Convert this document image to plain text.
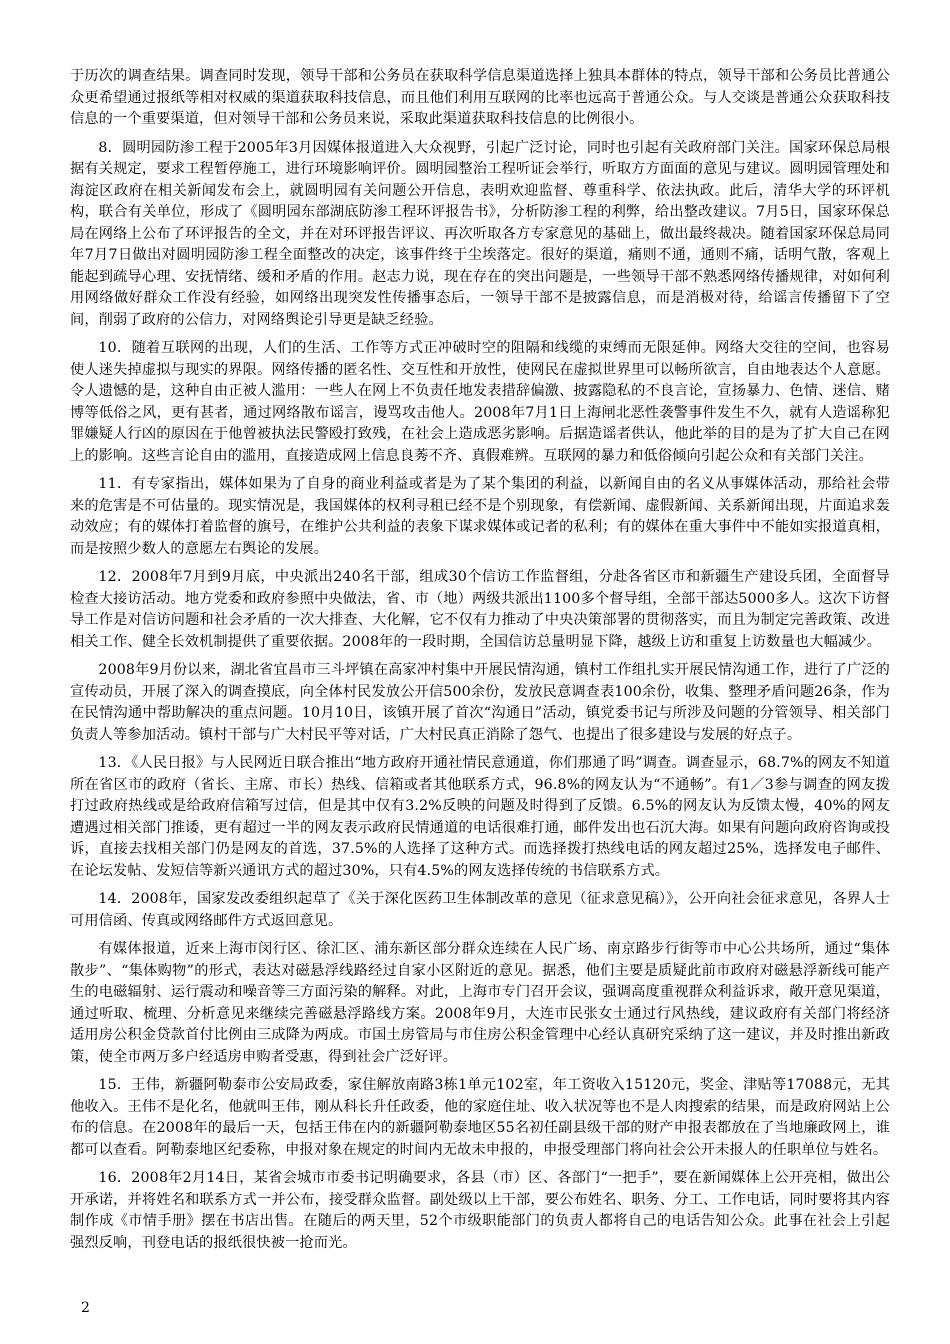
于历次的调查结果。调查同时发现，领导干部和公务员在获取科学信息渠道选择上独具本群体的特点，领导干部和公务员比普通公众更希望通过报纸等相对权威的渠道获取科技信息，而且他们利用互联网的比率也远高于普通公众。与人交谈是普通公众获取科技信息的一个重要渠道，但对领导干部和公务员来说，采取此渠道获取科技信息的比例很小。

8．圆明园防渗工程于2005年3月因媒体报道进入大众视野，引起广泛讨论，同时也引起有关政府部门关注。国家环保总局根据有关规定，要求工程暂停施工，进行环境影响评价。圆明园整治工程听证会举行，听取方方面面的意见与建议。圆明园管理处和海淀区政府在相关新闻发布会上，就圆明园有关问题公开信息，表明欢迎监督、尊重科学、依法执政。此后，清华大学的环评机构，联合有关单位，形成了《圆明园东部湖底防渗工程环评报告书》，分析防渗工程的利弊，给出整改建议。7月5日，国家环保总局在网络上公布了环评报告的全文，并在对环评报告评议、再次听取各方专家意见的基础上，做出最终裁决。随着国家环保总局同年7月7日做出对圆明园防渗工程全面整改的决定，该事件终于尘埃落定。很好的渠道，痛则不通，通则不痛，话明气散，客观上能起到疏导心理、安抚情绪、缓和矛盾的作用。赵志力说，现在存在的突出问题是，一些领导干部不熟悉网络传播规律，对如何利用网络做好群众工作没有经验，如网络出现突发性传播事态后，一领导干部不是披露信息，而是消极对待，给谣言传播留下了空间，削弱了政府的公信力，对网络舆论引导更是缺乏经验。

10．随着互联网的出现，人们的生活、工作等方式正冲破时空的阻隔和线缆的束缚而无限延伸。网络大交往的空间，也容易使人迷失掉虚拟与现实的界限。网络传播的匿名性、交互性和开放性，使网民在虚拟世界里可以畅所欲言，自由地表达个人意愿。令人遗憾的是，这种自由正被人滥用：一些人在网上不负责任地发表措辞偏激、披露隐私的不良言论，宣扬暴力、色情、迷信、赌博等低俗之风，更有甚者，通过网络散布谣言，谩骂攻击他人。2008年7月1日上海闸北恶性袭警事件发生不久，就有人造谣称犯罪嫌疑人行凶的原因在于他曾被执法民警殴打致残，在社会上造成恶劣影响。后据造谣者供认，他此举的目的是为了扩大自己在网上的影响。这些言论自由的滥用，直接造成网上信息良莠不齐、真假难辨。互联网的暴力和低俗倾向引起公众和有关部门关注。

11．有专家指出，媒体如果为了自身的商业利益或者是为了某个集团的利益，以新闻自由的名义从事媒体活动，那给社会带来的危害是不可估量的。现实情况是，我国媒体的权利寻租已经不是个别现象，有偿新闻、虚假新闻、关系新闻出现，片面追求轰动效应；有的媒体打着监督的旗号，在维护公共利益的表象下谋求媒体或记者的私利；有的媒体在重大事件中不能如实报道真相，而是按照少数人的意愿左右舆论的发展。

12．2008年7月到9月底，中央派出240名干部，组成30个信访工作监督组，分赴各省区市和新疆生产建设兵团，全面督导检查大接访活动。地方党委和政府参照中央做法，省、市（地）两级共派出1100多个督导组，全部干部达5000多人。这次下访督导工作是对信访问题和社会矛盾的一次大排查、大化解，它不仅有力推动了中央决策部署的贯彻落实，而且为制定完善政策、改进相关工作、健全长效机制提供了重要依据。2008年的一段时期，全国信访总量明显下降，越级上访和重复上访数量也大幅减少。

2008年9月份以来，湖北省宜昌市三斗坪镇在高家冲村集中开展民情沟通，镇村工作组扎实开展民情沟通工作，进行了广泛的宣传动员，开展了深入的调查摸底，向全体村民发放公开信500余份，发放民意调查表100余份，收集、整理矛盾问题26条，作为在民情沟通中帮助解决的重点问题。10月10日，该镇开展了首次“沟通日”活动，镇党委书记与所涉及问题的分管领导、相关部门负责人等参加活动。镇村干部与广大村民平等对话，广大村民真正消除了怨气、也提出了很多建设与发展的好点子。

13．《人民日报》与人民网近日联合推出“地方政府开通社情民意通道，你们那通了吗”调查。调查显示，68.7%的网友不知道所在省区市的政府（省长、主席、市长）热线、信箱或者其他联系方式，96.8%的网友认为“不通畅”。有1／3参与调查的网友拨打过政府热线或是给政府信箱写过信，但是其中仅有3.2%反映的问题及时得到了反馈。6.5%的网友认为反馈太慢，40%的网友遭遇过相关部门推诿，更有超过一半的网友表示政府民情通道的电话很难打通，邮件发出也石沉大海。如果有问题向政府咨询或投诉，直接去找相关部门仍是网友的首选，37.5%的人选择了这种方式。而选择拨打热线电话的网友超过25%，选择发电子邮件、在论坛发帖、发短信等新兴通讯方式的超过30%，只有4.5%的网友选择传统的书信联系方式。

14．2008年，国家发改委组织起草了《关于深化医药卫生体制改革的意见（征求意见稿）》，公开向社会征求意见，各界人士可用信函、传真或网络邮件方式返回意见。

有媒体报道，近来上海市闵行区、徐汇区、浦东新区部分群众连续在人民广场、南京路步行街等市中心公共场所，通过“集体散步”、“集体购物”的形式，表达对磁悬浮线路经过自家小区附近的意见。据悉，他们主要是质疑此前市政府对磁悬浮新线可能产生的电磁辐射、运行震动和噪音等三方面污染的解释。对此，上海市专门召开会议，强调高度重视群众利益诉求，敞开意见渠道，通过听取、梳理、分析意见来继续完善磁悬浮路线方案。2008年9月，大连市民张女士通过行风热线，建议政府有关部门将经济适用房公积金贷款首付比例由三成降为两成。市国土房管局与市住房公积金管理中心经认真研究采纳了这一建议，并及时推出新政策，使全市两万多户经适房申购者受惠，得到社会广泛好评。

15．王伟，新疆阿勒泰市公安局政委，家住解放南路3栋1单元102室，年工资收入15120元，奖金、津贴等17088元，无其他收入。王伟不是化名，他就叫王伟，刚从科长升任政委，他的家庭住址、收入状况等也不是人肉搜索的结果，而是政府网站上公布的信息。在2008年的最后一天，包括王伟在内的新疆阿勒泰地区55名初任副县级干部的财产申报表都放在了当地廉政网上，谁都可以查看。阿勒泰地区纪委称，申报对象在规定的时间内无故未申报的，申报受理部门将向社会公开未报人的任职单位与姓名。

16．2008年2月14日，某省会城市市委书记明确要求，各县（市）区、各部门“一把手”，要在新闻媒体上公开亮相，做出公开承诺，并将姓名和联系方式一并公布，接受群众监督。副处级以上干部，要公布姓名、职务、分工、工作电话，同时要将其内容制作成《市情手册》摆在书店出售。在随后的两天里，52个市级职能部门的负责人都将自己的电话告知公众。此事在社会上引起强烈反响，刊登电话的报纸很快被一抢而光。

2
